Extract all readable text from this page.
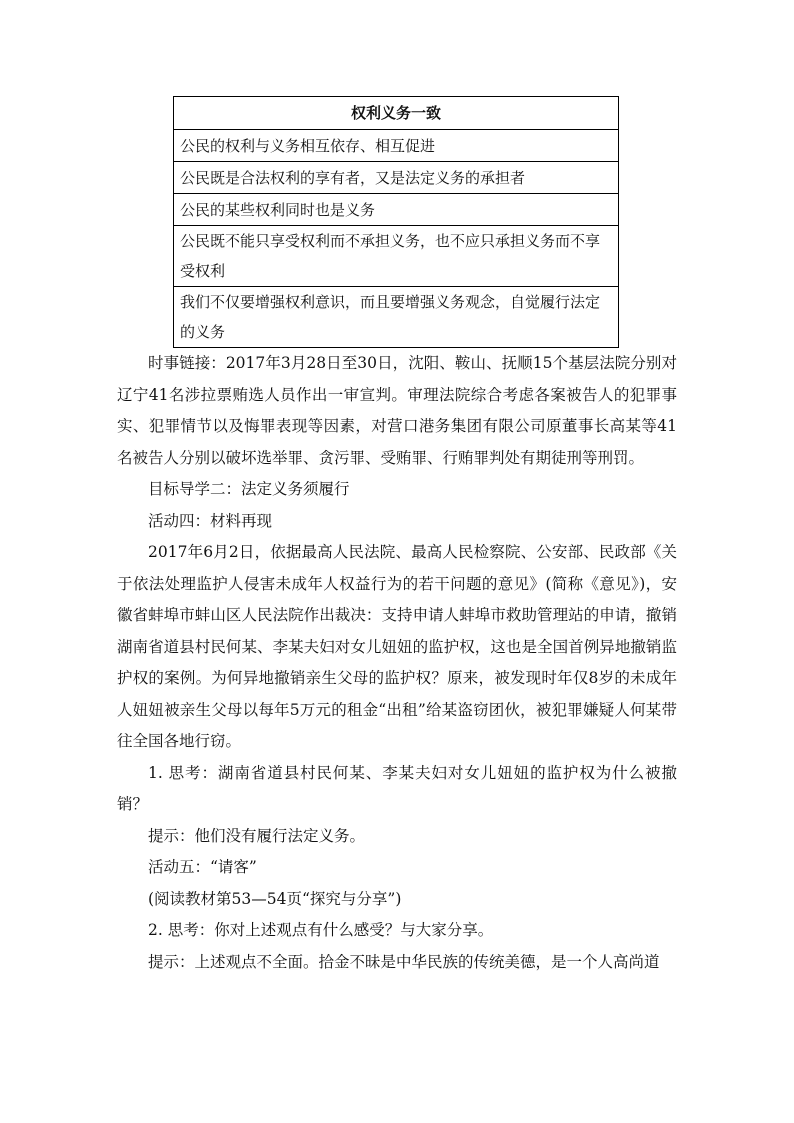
权利义务一致
公民的权利与义务相互依存、相互促进
公民既是合法权利的享有者，又是法定义务的承担者
公民的某些权利同时也是义务
公民既不能只享受权利而不承担义务，也不应只承担义务而不享受权利
我们不仅要增强权利意识，而且要增强义务观念，自觉履行法定的义务

时事链接：2017年3月28日至30日，沈阳、鞍山、抚顺15个基层法院分别对辽宁41名涉拉票贿选人员作出一审宣判。审理法院综合考虑各案被告人的犯罪事实、犯罪情节以及悔罪表现等因素，对营口港务集团有限公司原董事长高某等41名被告人分别以破坏选举罪、贪污罪、受贿罪、行贿罪判处有期徒刑等刑罚。

目标导学二：法定义务须履行

活动四：材料再现

2017年6月2日，依据最高人民法院、最高人民检察院、公安部、民政部《关于依法处理监护人侵害未成年人权益行为的若干问题的意见》(简称《意见》)，安徽省蚌埠市蚌山区人民法院作出裁决：支持申请人蚌埠市救助管理站的申请，撤销湖南省道县村民何某、李某夫妇对女儿妞妞的监护权，这也是全国首例异地撤销监护权的案例。为何异地撤销亲生父母的监护权？原来，被发现时年仅8岁的未成年人妞妞被亲生父母以每年5万元的租金“出租”给某盗窃团伙，被犯罪嫌疑人何某带往全国各地行窃。

1. 思考：湖南省道县村民何某、李某夫妇对女儿妞妞的监护权为什么被撤销？

提示：他们没有履行法定义务。

活动五：“请客”

(阅读教材第53—54页“探究与分享”)

2. 思考：你对上述观点有什么感受？与大家分享。

提示：上述观点不全面。拾金不昧是中华民族的传统美德，是一个人高尚道
